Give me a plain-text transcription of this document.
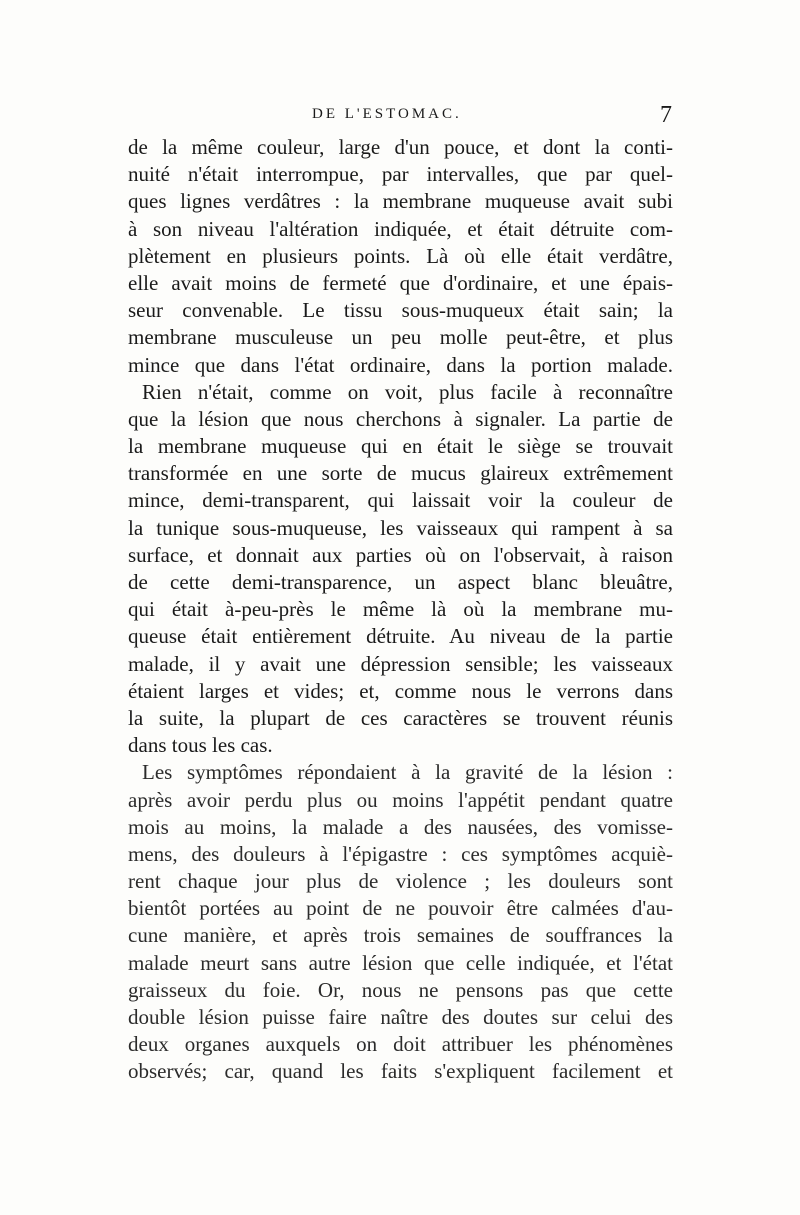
DE L'ESTOMAC.	7
de la même couleur, large d'un pouce, et dont la conti-
nuité n'était interrompue, par intervalles, que par quel-
ques lignes verdâtres : la membrane muqueuse avait subi
à son niveau l'altération indiquée, et était détruite com-
plètement en plusieurs points. Là où elle était verdâtre,
elle avait moins de fermeté que d'ordinaire, et une épais-
seur convenable. Le tissu sous-muqueux était sain; la
membrane musculeuse un peu molle peut-être, et plus
mince que dans l'état ordinaire, dans la portion malade.
Rien n'était, comme on voit, plus facile à reconnaître
que la lésion que nous cherchons à signaler. La partie de
la membrane muqueuse qui en était le siège se trouvait
transformée en une sorte de mucus glaireux extrêmement
mince, demi-transparent, qui laissait voir la couleur de
la tunique sous-muqueuse, les vaisseaux qui rampent à sa
surface, et donnait aux parties où on l'observait, à raison
de cette demi-transparence, un aspect blanc bleuâtre,
qui était à-peu-près le même là où la membrane mu-
queuse était entièrement détruite. Au niveau de la partie
malade, il y avait une dépression sensible; les vaisseaux
étaient larges et vides; et, comme nous le verrons dans
la suite, la plupart de ces caractères se trouvent réunis
dans tous les cas.
Les symptômes répondaient à la gravité de la lésion :
après avoir perdu plus ou moins l'appétit pendant quatre
mois au moins, la malade a des nausées, des vomisse-
mens, des douleurs à l'épigastre : ces symptômes acquiè-
rent chaque jour plus de violence ; les douleurs sont
bientôt portées au point de ne pouvoir être calmées d'au-
cune manière, et après trois semaines de souffrances la
malade meurt sans autre lésion que celle indiquée, et l'état
graisseux du foie. Or, nous ne pensons pas que cette
double lésion puisse faire naître des doutes sur celui des
deux organes auxquels on doit attribuer les phénomènes
observés; car, quand les faits s'expliquent facilement et
